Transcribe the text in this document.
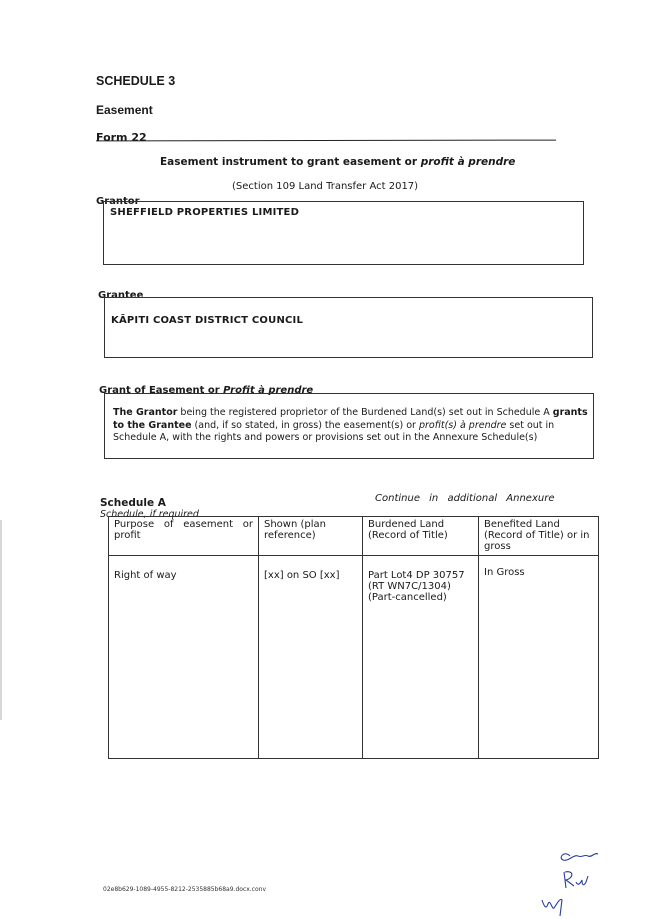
SCHEDULE 3
Easement
Form 22
Easement instrument to grant easement or profit à prendre
(Section 109 Land Transfer Act 2017)
Grantor
SHEFFIELD PROPERTIES LIMITED
Grantee
KĀPITI COAST DISTRICT COUNCIL
Grant of Easement or Profit à prendre
The Grantor being the registered proprietor of the Burdened Land(s) set out in Schedule A grants to the Grantee (and, if so stated, in gross) the easement(s) or profit(s) à prendre set out in Schedule A, with the rights and powers or provisions set out in the Annexure Schedule(s)
Continue in additional Annexure
Schedule A
Schedule, if required
Purpose of easement or profit	Shown (plan reference)	Burdened Land (Record of Title)	Benefited Land (Record of Title) or in gross
Right of way	[xx] on SO [xx]	Part Lot4 DP 30757
(RT WN7C/1304)
(Part-cancelled)	In Gross
02e8b629-1089-4955-8212-2535885b68a9.docx.conv
